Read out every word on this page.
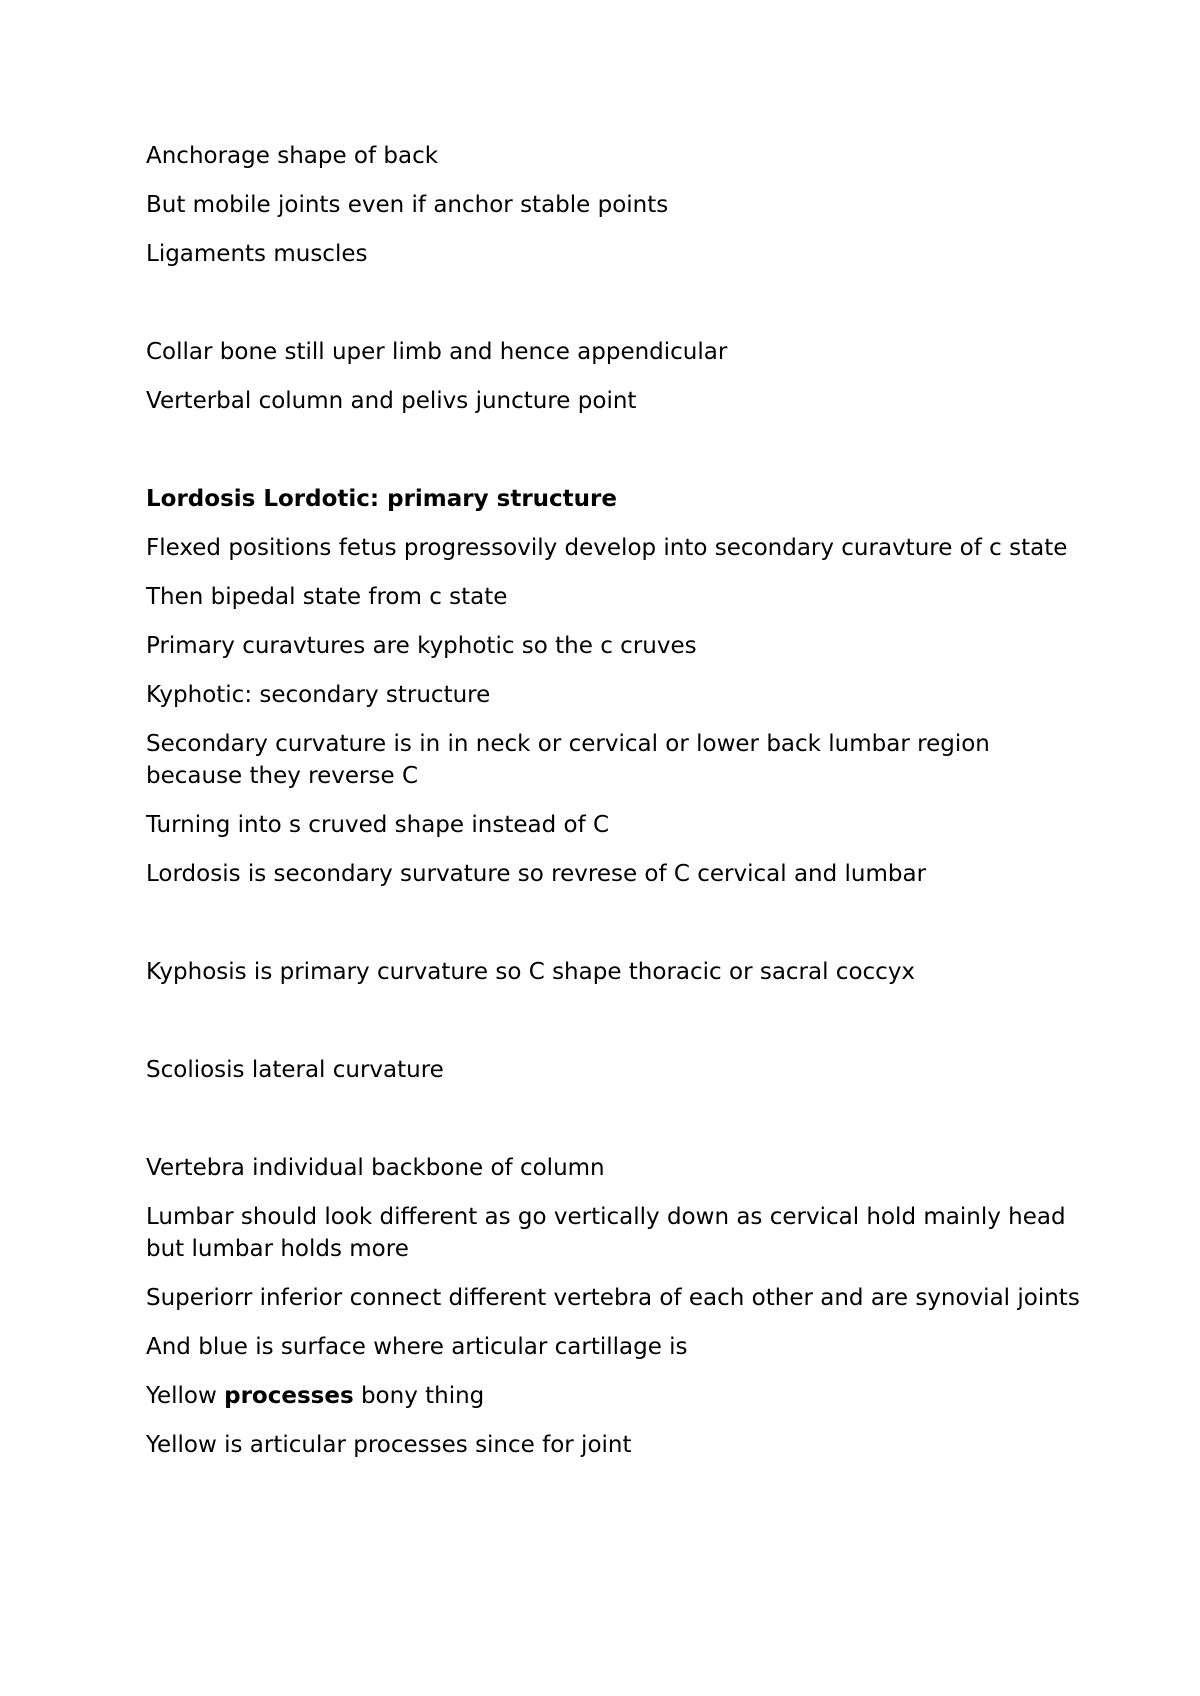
Anchorage shape of back

But mobile joints even if anchor stable points

Ligaments muscles

Collar bone still uper limb and hence appendicular

Verterbal column and pelivs juncture point

Lordosis Lordotic: primary structure

Flexed positions fetus progressovily develop into secondary curavture of c state

Then bipedal state from c state

Primary curavtures are kyphotic so the c cruves

Kyphotic: secondary structure

Secondary curvature is in in neck or cervical or lower back lumbar region because they reverse C

Turning into s cruved shape instead of C

Lordosis is secondary survature so revrese of C cervical and lumbar

Kyphosis is primary curvature so C shape thoracic or sacral coccyx

Scoliosis lateral curvature

Vertebra individual backbone of column

Lumbar should look different as go vertically down as cervical hold mainly head but lumbar holds more

Superiorr inferior connect different vertebra of each other and are synovial joints

And blue is surface where articular cartillage is

Yellow processes bony thing

Yellow is articular processes since for joint
